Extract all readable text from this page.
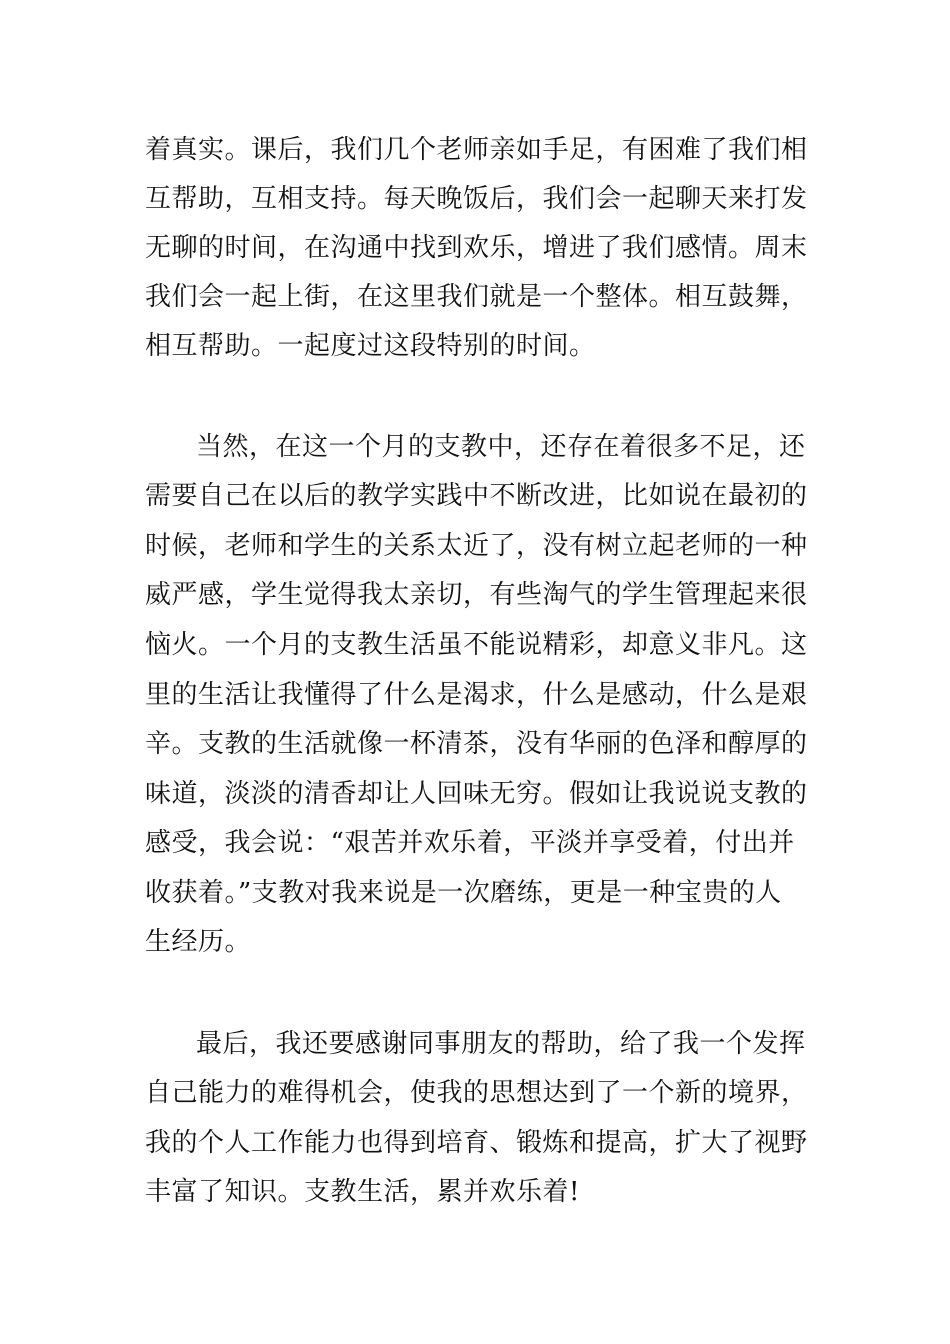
着真实。课后，我们几个老师亲如手足，有困难了我们相
互帮助，互相支持。每天晚饭后，我们会一起聊天来打发
无聊的时间，在沟通中找到欢乐，增进了我们感情。周末
我们会一起上街，在这里我们就是一个整体。相互鼓舞，
相互帮助。一起度过这段特别的时间。
当然，在这一个月的支教中，还存在着很多不足，还
需要自己在以后的教学实践中不断改进，比如说在最初的
时候，老师和学生的关系太近了，没有树立起老师的一种
威严感，学生觉得我太亲切，有些淘气的学生管理起来很
恼火。一个月的支教生活虽不能说精彩，却意义非凡。这
里的生活让我懂得了什么是渴求，什么是感动，什么是艰
辛。支教的生活就像一杯清茶，没有华丽的色泽和醇厚的
味道，淡淡的清香却让人回味无穷。假如让我说说支教的
感受，我会说：“艰苦并欢乐着，平淡并享受着，付出并
收获着。”支教对我来说是一次磨练，更是一种宝贵的人
生经历。
最后，我还要感谢同事朋友的帮助，给了我一个发挥
自己能力的难得机会，使我的思想达到了一个新的境界，
我的个人工作能力也得到培育、锻炼和提高，扩大了视野
丰富了知识。支教生活，累并欢乐着!
